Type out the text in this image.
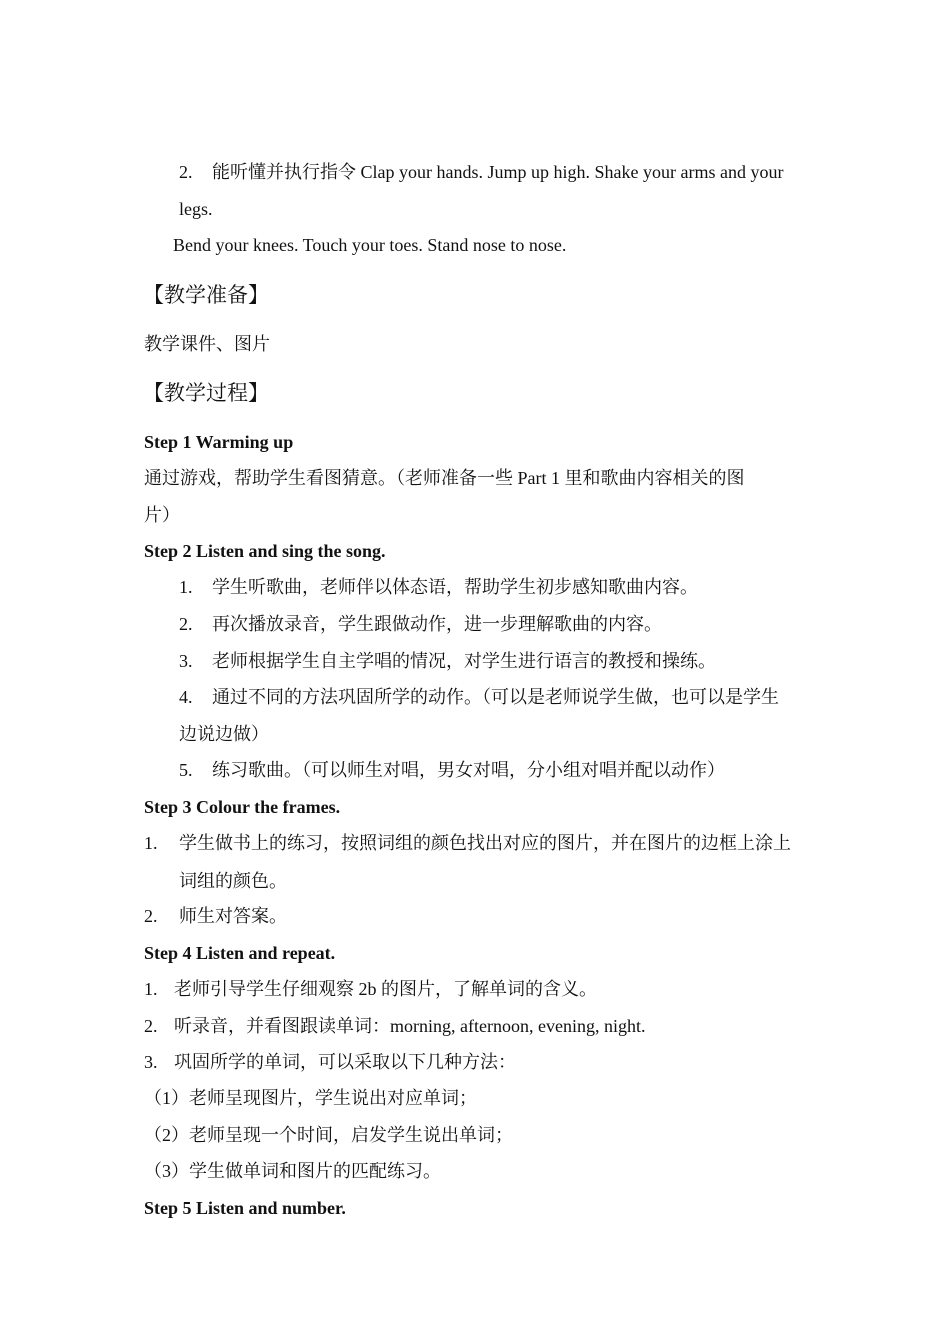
2. 能听懂并执行指令 Clap your hands. Jump up high. Shake your arms and your
legs.
Bend your knees. Touch your toes. Stand nose to nose.
【教学准备】
教学课件、图片
【教学过程】
Step 1 Warming up
通过游戏，帮助学生看图猜意。（老师准备一些 Part 1 里和歌曲内容相关的图
片）
Step 2 Listen and sing the song.
1. 学生听歌曲，老师伴以体态语，帮助学生初步感知歌曲内容。
2. 再次播放录音，学生跟做动作，进一步理解歌曲的内容。
3. 老师根据学生自主学唱的情况，对学生进行语言的教授和操练。
4. 通过不同的方法巩固所学的动作。（可以是老师说学生做，也可以是学生
边说边做）
5. 练习歌曲。（可以师生对唱，男女对唱，分小组对唱并配以动作）
Step 3 Colour the frames.
1. 学生做书上的练习，按照词组的颜色找出对应的图片，并在图片的边框上涂上
词组的颜色。
2. 师生对答案。
Step 4 Listen and repeat.
1. 老师引导学生仔细观察 2b 的图片，了解单词的含义。
2. 听录音，并看图跟读单词：morning, afternoon, evening, night.
3. 巩固所学的单词，可以采取以下几种方法：
（1）老师呈现图片，学生说出对应单词；
（2）老师呈现一个时间，启发学生说出单词；
（3）学生做单词和图片的匹配练习。
Step 5 Listen and number.
